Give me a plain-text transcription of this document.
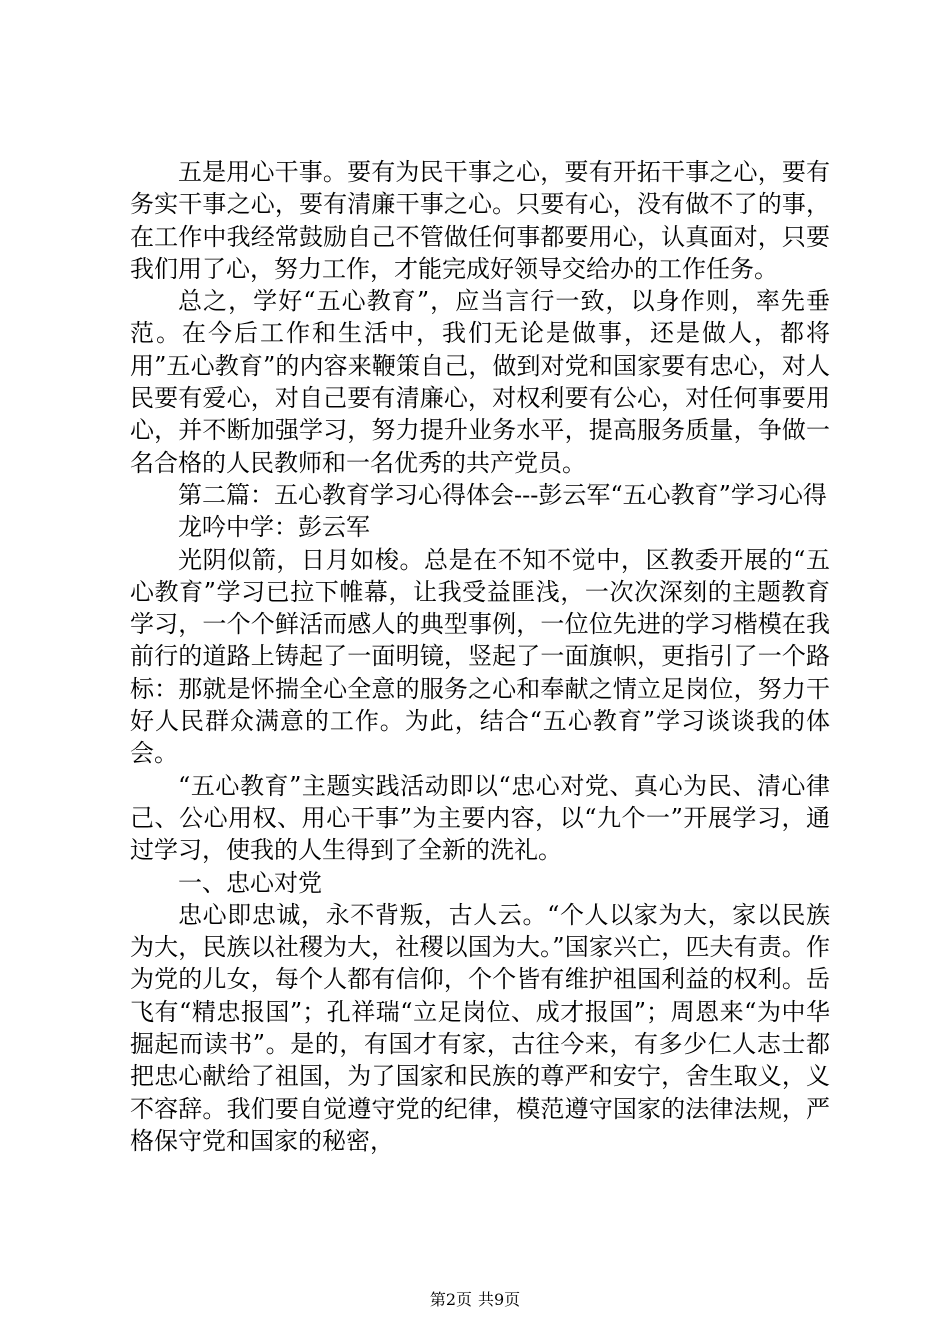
五是用心干事。要有为民干事之心，要有开拓干事之心，要有务实干事之心，要有清廉干事之心。只要有心，没有做不了的事，在工作中我经常鼓励自己不管做任何事都要用心，认真面对，只要我们用了心，努力工作，才能完成好领导交给办的工作任务。

总之，学好“五心教育”，应当言行一致，以身作则，率先垂范。在今后工作和生活中，我们无论是做事，还是做人，都将用”五心教育”的内容来鞭策自己，做到对党和国家要有忠心，对人民要有爱心，对自己要有清廉心，对权利要有公心，对任何事要用心，并不断加强学习，努力提升业务水平，提高服务质量，争做一名合格的人民教师和一名优秀的共产党员。

第二篇：五心教育学习心得体会---彭云军“五心教育”学习心得

龙吟中学：彭云军

光阴似箭，日月如梭。总是在不知不觉中，区教委开展的“五心教育”学习已拉下帷幕，让我受益匪浅，一次次深刻的主题教育学习，一个个鲜活而感人的典型事例，一位位先进的学习楷模在我前行的道路上铸起了一面明镜，竖起了一面旗帜，更指引了一个路标：那就是怀揣全心全意的服务之心和奉献之情立足岗位，努力干好人民群众满意的工作。为此，结合“五心教育”学习谈谈我的体会。

“五心教育”主题实践活动即以“忠心对党、真心为民、清心律己、公心用权、用心干事”为主要内容，以“九个一”开展学习，通过学习，使我的人生得到了全新的洗礼。

一、忠心对党

忠心即忠诚，永不背叛，古人云。“个人以家为大，家以民族为大，民族以社稷为大，社稷以国为大。”国家兴亡，匹夫有责。作为党的儿女，每个人都有信仰，个个皆有维护祖国利益的权利。岳飞有“精忠报国”；孔祥瑞“立足岗位、成才报国”；周恩来“为中华掘起而读书”。是的，有国才有家，古往今来，有多少仁人志士都把忠心献给了祖国，为了国家和民族的尊严和安宁，舍生取义，义不容辞。我们要自觉遵守党的纪律，模范遵守国家的法律法规，严格保守党和国家的秘密，

第2页 共9页
